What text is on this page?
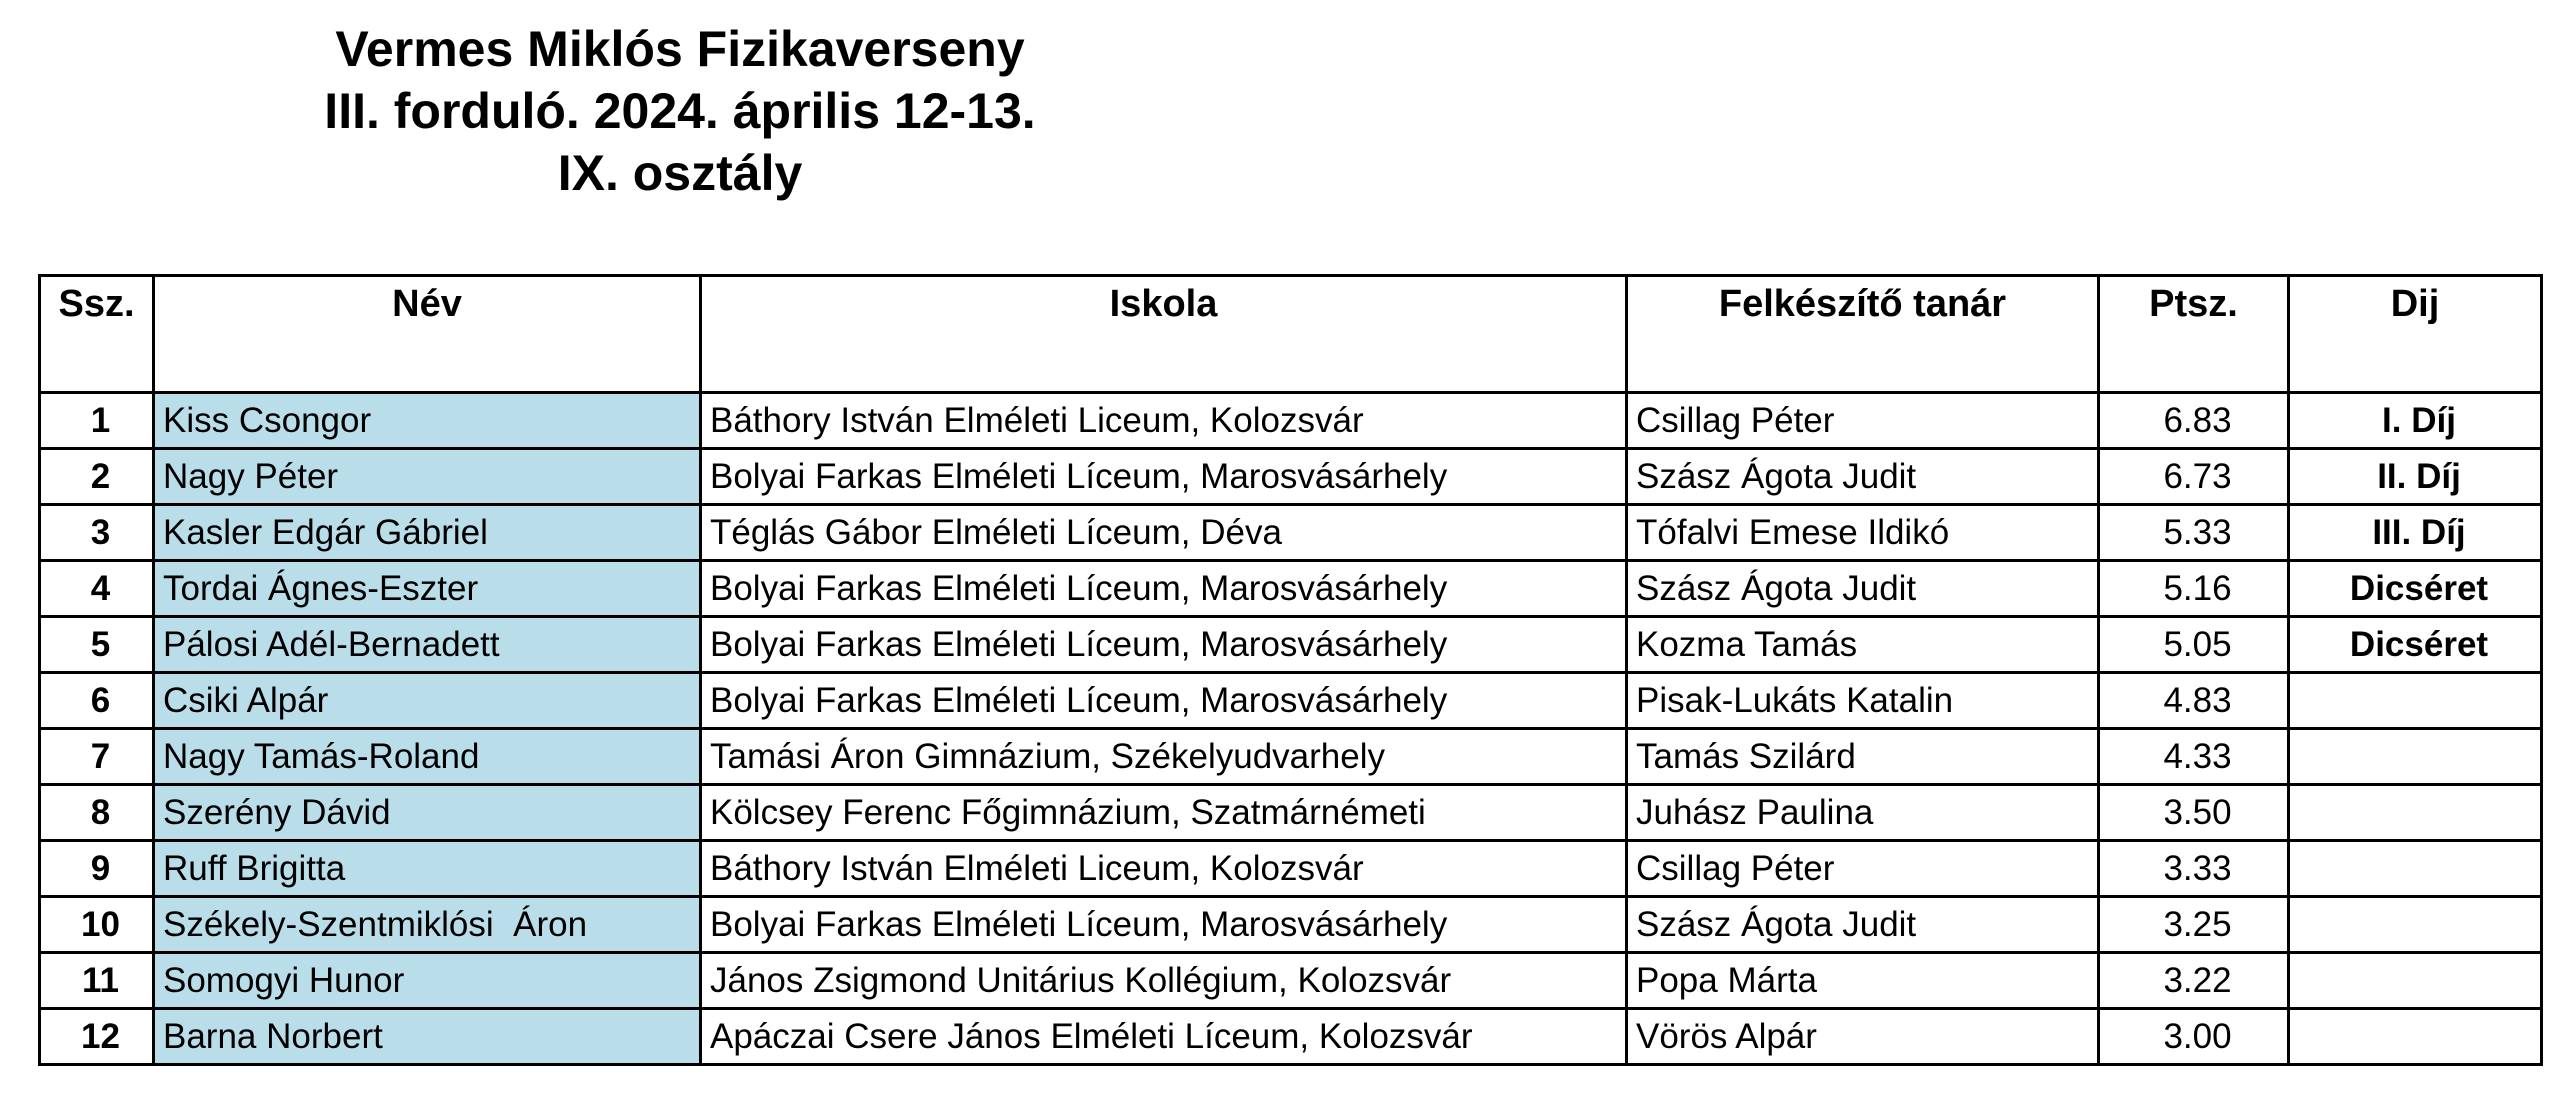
Vermes Miklós Fizikaverseny
III. forduló. 2024. április 12-13.
IX. osztály
Ssz.	Név	Iskola	Felkészítő tanár	Ptsz.	Dij
1	Kiss Csongor	Báthory István Elméleti Liceum, Kolozsvár	Csillag Péter	6.83	I. Díj
2	Nagy Péter	Bolyai Farkas Elméleti Líceum, Marosvásárhely	Szász Ágota Judit	6.73	II. Díj
3	Kasler Edgár Gábriel	Téglás Gábor Elméleti Líceum, Déva	Tófalvi Emese Ildikó	5.33	III. Díj
4	Tordai Ágnes-Eszter	Bolyai Farkas Elméleti Líceum, Marosvásárhely	Szász Ágota Judit	5.16	Dicséret
5	Pálosi Adél-Bernadett	Bolyai Farkas Elméleti Líceum, Marosvásárhely	Kozma Tamás	5.05	Dicséret
6	Csiki Alpár	Bolyai Farkas Elméleti Líceum, Marosvásárhely	Pisak-Lukáts Katalin	4.83	
7	Nagy Tamás-Roland	Tamási Áron Gimnázium, Székelyudvarhely	Tamás Szilárd	4.33	
8	Szerény Dávid	Kölcsey Ferenc Főgimnázium, Szatmárnémeti	Juhász Paulina	3.50	
9	Ruff Brigitta	Báthory István Elméleti Liceum, Kolozsvár	Csillag Péter	3.33	
10	Székely-Szentmiklósi  Áron	Bolyai Farkas Elméleti Líceum, Marosvásárhely	Szász Ágota Judit	3.25	
11	Somogyi Hunor	János Zsigmond Unitárius Kollégium, Kolozsvár	Popa Márta	3.22	
12	Barna Norbert	Apáczai Csere János Elméleti Líceum, Kolozsvár	Vörös Alpár	3.00	
